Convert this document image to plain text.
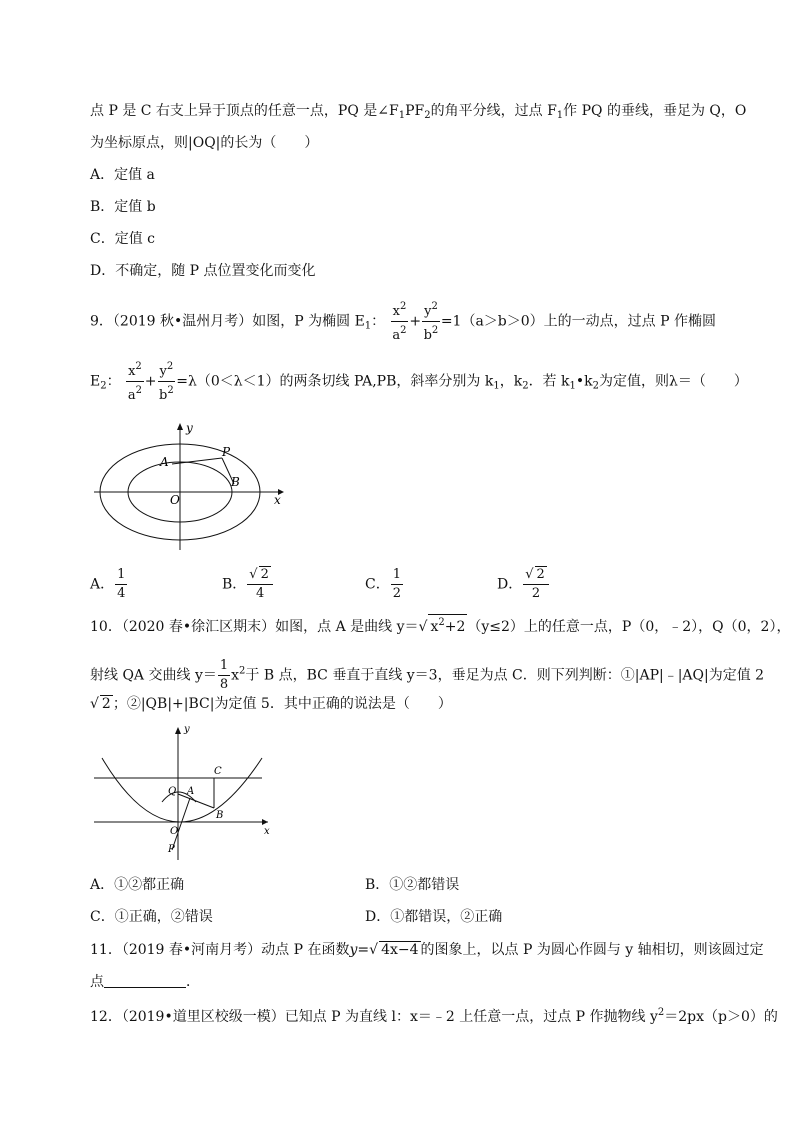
点 P 是 C 右支上异于顶点的任意一点，PQ 是$\angle F_1PF_2$的角平分线，过点 $F_1$作 PQ 的垂线，垂足为 Q，O
为坐标原点，则|OQ|的长为（　　）
A．定值 a
B．定值 b
C．定值 c
D．不确定，随 P 点位置变化而变化
9．（2019 秋•温州月考）如图，P 为椭圆 $E_1$： $\frac{x^2}{a^2} + \frac{y^2}{b^2} =1(a>b>0)$上的一动点，过点 P 作椭圆
$E_2$： $\frac{x^2}{a^2} + \frac{y^2}{b^2} =\lambda(0<\lambda<1)$的两条切线 PA,PB，斜率分别为 $k_1$，$k_2$．若 $k_1•k_2$为定值，则λ＝（　　）
y
x
O
A
P
B
A． $\frac{1}{4}$	B． $\frac{√ 2}{4}$	C． $\frac{1}{2}$	D． $\frac{√ 2}{2}$
10．（2020 春•徐汇区期末）如图，点 A 是曲线 y＝√ $x^2+2$ （y≤2）上的任意一点，P（0，﹣2），Q（0，2），
射线 QA 交曲线 $y= \frac{1}{8} x^2$于 B 点，BC 垂直于直线 y＝3，垂足为点 C．则下列判断：①|AP|﹣|AQ|为定值 2
√ 2 ；②|QB|+|BC|为定值 5．其中正确的说法是（　　）
y
x
O
C
Q A
B
P
A．①②都正确	B．①②都错误
C．①正确，②错误	D．①都错误，②正确
11．（2019 春•河南月考）动点 P 在函数y=√ 4x−4 的图象上，以点 P 为圆心作圆与 y 轴相切，则该圆过定
点	．
12．（2019•道里区校级一模）已知点 P 为直线 l：x＝﹣2 上任意一点，过点 P 作抛物线 $y^2=2px(p>0)$的
